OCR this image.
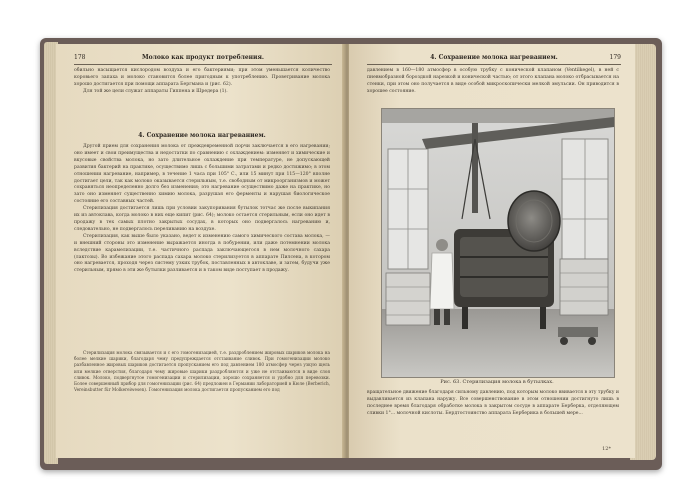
178	Молоко как продукт потребления.

обильно насыщается кислородом воздуха и его бактериями; при этом уменьшается количество коровьего запаха и молоко становится более пригодным к употреблению. Проветривание молока хорошо достигается при помощи аппарата Бергмана и (рис. 62).

Для той же цели служат аппараты Гиппена и Шредера (1).

4. Сохранение молока нагреванием.

Другой прием для сохранения молока от преждевременной порчи заключается в его нагревании; оно имеет и свои преимущества и недостатки по сравнению с охлаждением: изменяет и химические и вкусовые свойства молока, но зато длительное охлаждение при температуре, не допускающей развития бактерий на практике, осуществимо лишь с большими затратами и редко достижимо; в этом отношении нагревание, например, в течение 1 часа при 105° С., или 15 минут при 115—120° вполне достигает цели, так как молоко оказывается стерильным, т.е. свободным от микроорганизмов и может сохраняться неопределенно долго без изменения; это нагревание осуществимо даже на практике, но зато оно изменяет существенно химию молока, разрушая его ферменты и нарушая биологическое состояние его составных частей.

Стерилизация достигается лишь при условии закупоривания бутылок тотчас же после выкипания их из автоклава, когда молоко в них еще кипит (рис. 64); молоко остается стерильным, если оно идет в продажу в тех самых плотно закрытых сосудах, в которых оно подвергалось нагреванию и, следовательно, не подвергалось переливанию на воздухе.

Стерилизация, как выше было указано, ведет к изменению самого химического состава молока, — и внешний стороны это изменение выражается иногда в побурении, или даже потемнении молока вследствие карамелизации, т.е. частичного распада заключающегося в нем молочного сахара (лактозы). Во избежание этого распада сахара молоко стерилизуется в аппарате Пилсена, в котором оно нагревается, проходя через систему узких трубок, поставленных в автоклаве, и затем, будучи уже стерильным, прямо в эти же бутылки разливается и в таком виде поступает в продажу.

Стерилизация молока связывается и с его гомогенизацией, т.е. раздроблением жировых шариков молока на более мелкие шарики, благодаря чему предупреждается отстаивание сливок. При гомогенизации молоко разбавленное жировых шариков достигается пропусканием его под давлением 180 атмосфер через узкую щель или мелкие отверстия, благодаря чему жировые шарики раздробляются и уже не отстаиваются в виде слоя сливок. Молоко, подвергнутое гомогенизации и стерилизации, хорошо сохраняется и удобно для перевозки. Более совершенный прибор для гомогенизации (рис. 64) предложен в Германии лабораторией в Кюле (Berberich, Vereinsbutter für Molkereiwesen). Гомогенизация молока достигается пропусканием его под

4. Сохранение молока нагреванием.	179

давлением в 160—180 атмосфер в особую трубку с конической клапаном (Ventilkegel), в ней с пневмобразной бороздкой нарезкой и конической частью; от этого клапана молоко отбрасывается на стенки, при этом оно получается в виде особой микроскопически мелкой эмульсии. Он приводится в хорошее состояние.

Рис. 63. Стерилизация молока в бутылках.

вращательное движение благодаря сильному давлению, под которым молоко ввивается в эту трубку и выдавливается из клапана наружу. Все совершенствование в этом отношении достигнуто лишь в последнее время благодаря обработке молока в закрытом сосуде в аппарате Берберка, отделяющем сливки 1°... молочной кислоты. Бердтостоинство аппарата Берберика в большей мере...

12*
